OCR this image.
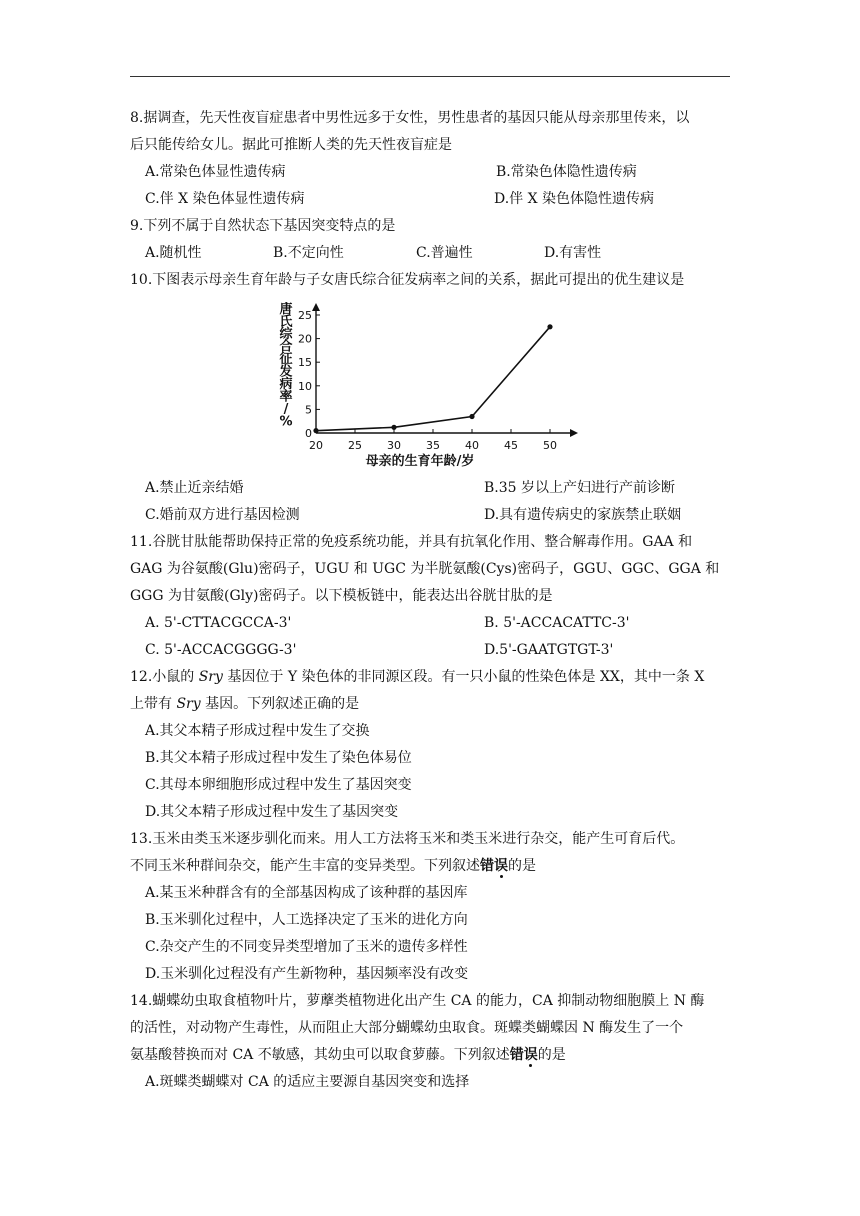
8.据调查，先天性夜盲症患者中男性远多于女性，男性患者的基因只能从母亲那里传来，以
后只能传给女儿。据此可推断人类的先天性夜盲症是
A.常染色体显性遗传病	B.常染色体隐性遗传病
C.伴 X 染色体显性遗传病	D.伴 X 染色体隐性遗传病
9.下列不属于自然状态下基因突变特点的是
A.随机性	B.不定向性	C.普遍性	D.有害性
10.下图表示母亲生育年龄与子女唐氏综合征发病率之间的关系，据此可提出的优生建议是
0
5
10
15
20
25
20 25 30 35 40 45 50
唐氏综合征发病率/ %
母亲的生育年龄/岁
A.禁止近亲结婚	B.35 岁以上产妇进行产前诊断
C.婚前双方进行基因检测	D.具有遗传病史的家族禁止联姻
11.谷胱甘肽能帮助保持正常的免疫系统功能，并具有抗氧化作用、整合解毒作用。GAA 和
GAG 为谷氨酸(Glu)密码子，UGU 和 UGC 为半胱氨酸(Cys)密码子，GGU、GGC、GGA 和
GGG 为甘氨酸(Gly)密码子。以下模板链中，能表达出谷胱甘肽的是
A. 5'-CTTACGCCA-3'	B. 5'-ACCACATTC-3'
C. 5'-ACCACGGGG-3'	D.5'-GAATGTGT-3'
12.小鼠的 Sry 基因位于 Y 染色体的非同源区段。有一只小鼠的性染色体是 XX，其中一条 X
上带有 Sry 基因。下列叙述正确的是
A.其父本精子形成过程中发生了交换
B.其父本精子形成过程中发生了染色体易位
C.其母本卵细胞形成过程中发生了基因突变
D.其父本精子形成过程中发生了基因突变
13.玉米由类玉米逐步驯化而来。用人工方法将玉米和类玉米进行杂交，能产生可育后代。
不同玉米种群间杂交，能产生丰富的变异类型。下列叙述错误的是
A.某玉米种群含有的全部基因构成了该种群的基因库
B.玉米驯化过程中，人工选择决定了玉米的进化方向
C.杂交产生的不同变异类型增加了玉米的遗传多样性
D.玉米驯化过程没有产生新物种，基因频率没有改变
14.蝴蝶幼虫取食植物叶片，萝藦类植物进化出产生 CA 的能力，CA 抑制动物细胞膜上 N 酶
的活性，对动物产生毒性，从而阻止大部分蝴蝶幼虫取食。斑蝶类蝴蝶因 N 酶发生了一个
氨基酸替换而对 CA 不敏感，其幼虫可以取食萝藤。下列叙述错误的是
A.斑蝶类蝴蝶对 CA 的适应主要源自基因突变和选择
